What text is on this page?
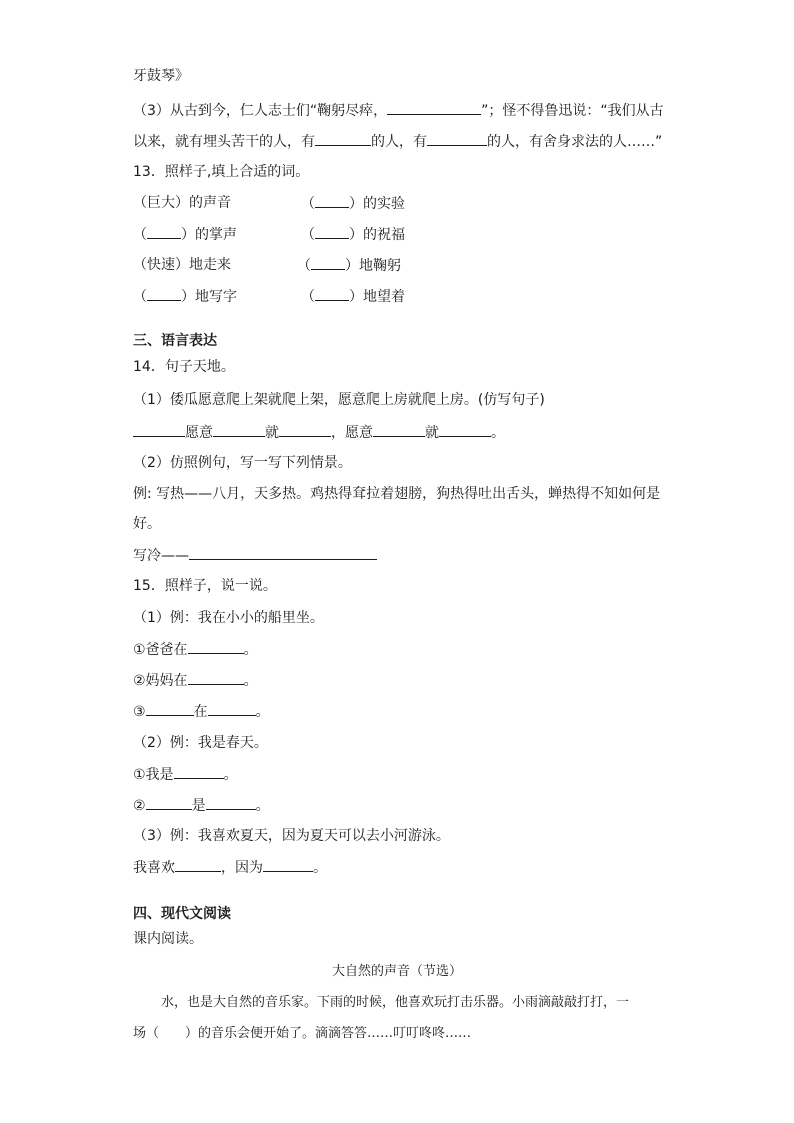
牙鼓琴》
（3）从古到今，仁人志士们“鞠躬尽瘁，	”；怪不得鲁迅说：“我们从古
以来，就有埋头苦干的人，有	的人，有	的人，有舍身求法的人……”
13．照样子,填上合适的词。
（巨大）的声音	（ ）的实验
（ ）的掌声	（ ）的祝福
（快速）地走来	（ ）地鞠躬
（ ）地写字	（ ）地望着
三、语言表达
14．句子天地。
（1）倭瓜愿意爬上架就爬上架，愿意爬上房就爬上房。(仿写句子)
愿意	就	，愿意	就	。
（2）仿照例句，写一写下列情景。
例: 写热——八月，天多热。鸡热得耷拉着翅膀，狗热得吐出舌头，蝉热得不知如何是
好。
写冷——
15．照样子，说一说。
（1）例：我在小小的船里坐。
①爸爸在	。
②妈妈在	。
③	在	。
（2）例：我是春天。
①我是	。
②	是	。
（3）例：我喜欢夏天，因为夏天可以去小河游泳。
我喜欢	，因为	。
四、现代文阅读
课内阅读。
大自然的声音（节选）
水，也是大自然的音乐家。下雨的时候，他喜欢玩打击乐器。小雨滴敲敲打打，一
场（　　）的音乐会便开始了。滴滴答答……叮叮咚咚……
